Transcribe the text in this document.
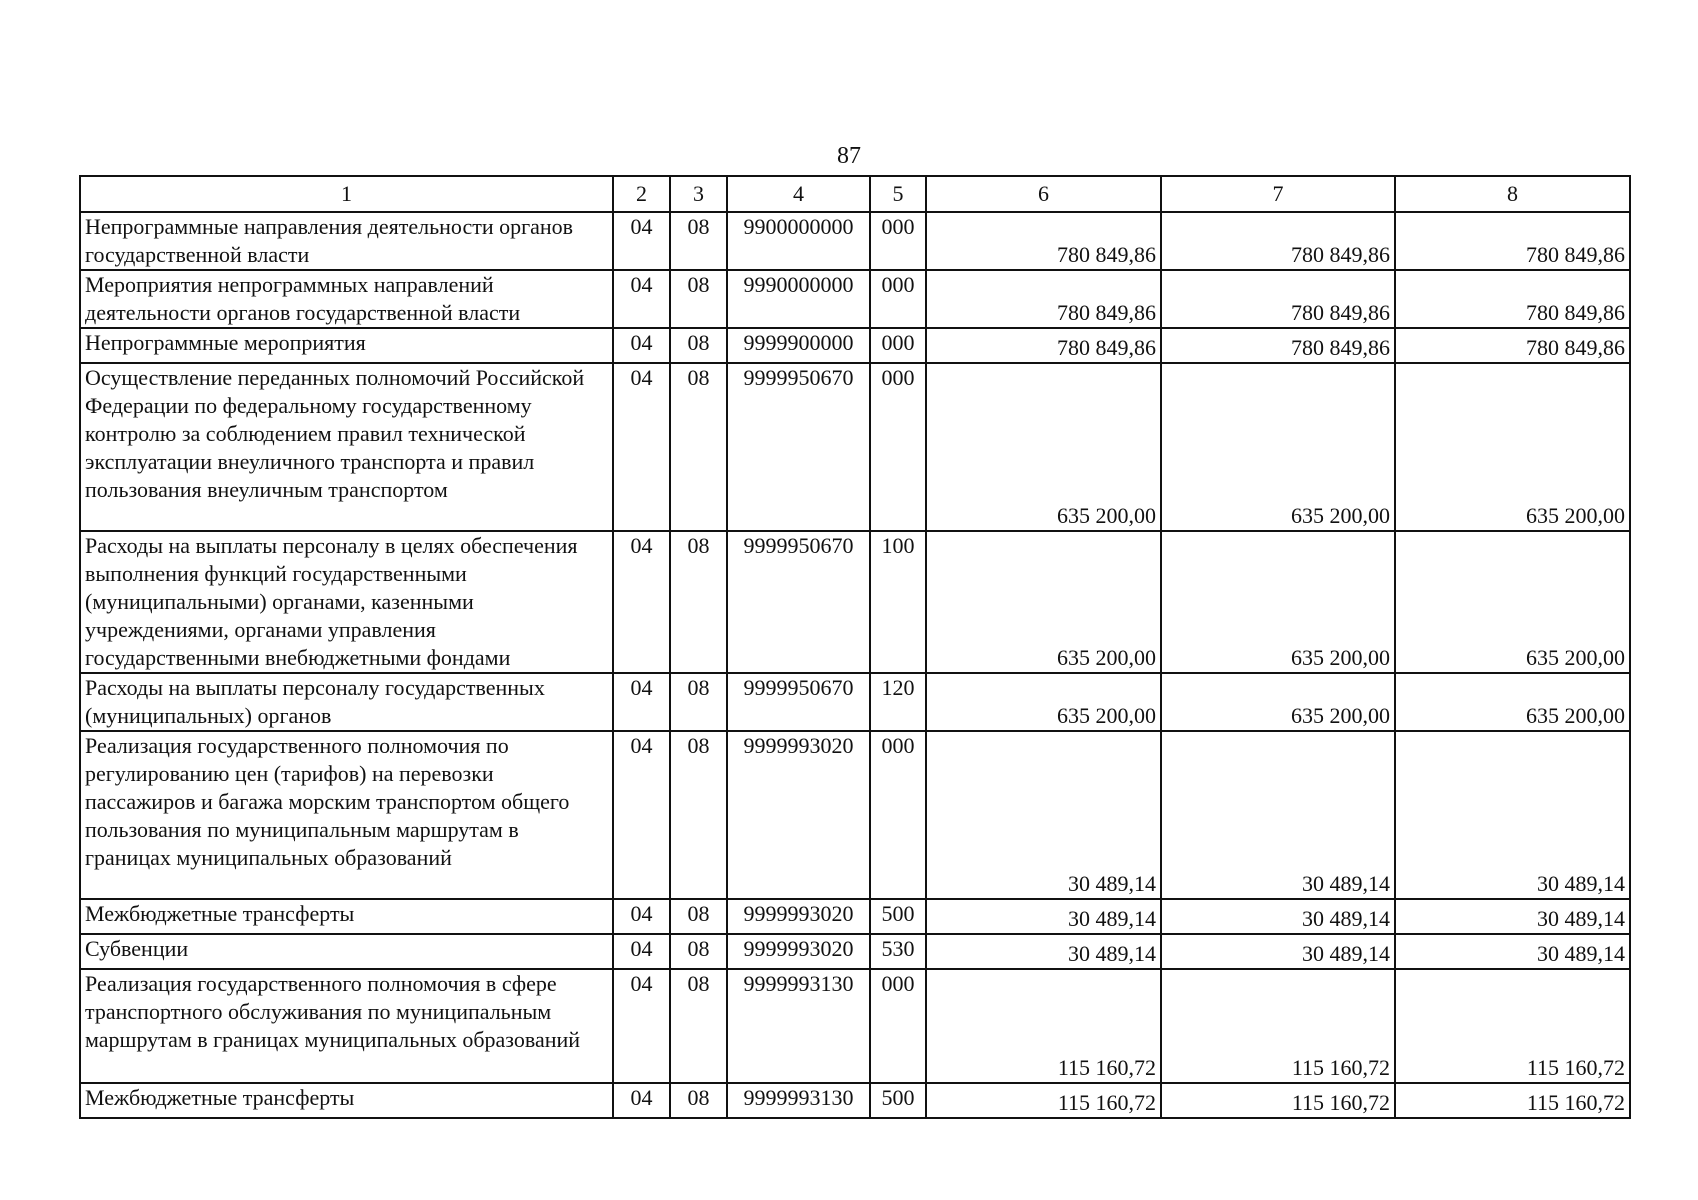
87
1	2	3	4	5	6	7	8
Непрограммные направления деятельности органов государственной власти	04	08	9900000000	000	780 849,86	780 849,86	780 849,86
Мероприятия непрограммных направлений деятельности органов государственной власти	04	08	9990000000	000	780 849,86	780 849,86	780 849,86
Непрограммные мероприятия	04	08	9999900000	000	780 849,86	780 849,86	780 849,86
Осуществление переданных полномочий Российской Федерации по федеральному государственному контролю за соблюдением правил технической эксплуатации внеуличного транспорта и правил пользования внеуличным транспортом	04	08	9999950670	000	635 200,00	635 200,00	635 200,00
Расходы на выплаты персоналу в целях обеспечения выполнения функций государственными (муниципальными) органами, казенными учреждениями, органами управления государственными внебюджетными фондами	04	08	9999950670	100	635 200,00	635 200,00	635 200,00
Расходы на выплаты персоналу государственных (муниципальных) органов	04	08	9999950670	120	635 200,00	635 200,00	635 200,00
Реализация государственного полномочия по регулированию цен (тарифов) на перевозки пассажиров и багажа морским транспортом общего пользования по муниципальным маршрутам в границах муниципальных образований	04	08	9999993020	000	30 489,14	30 489,14	30 489,14
Межбюджетные трансферты	04	08	9999993020	500	30 489,14	30 489,14	30 489,14
Субвенции	04	08	9999993020	530	30 489,14	30 489,14	30 489,14
Реализация государственного полномочия в сфере транспортного обслуживания по муниципальным маршрутам в границах муниципальных образований	04	08	9999993130	000	115 160,72	115 160,72	115 160,72
Межбюджетные трансферты	04	08	9999993130	500	115 160,72	115 160,72	115 160,72
